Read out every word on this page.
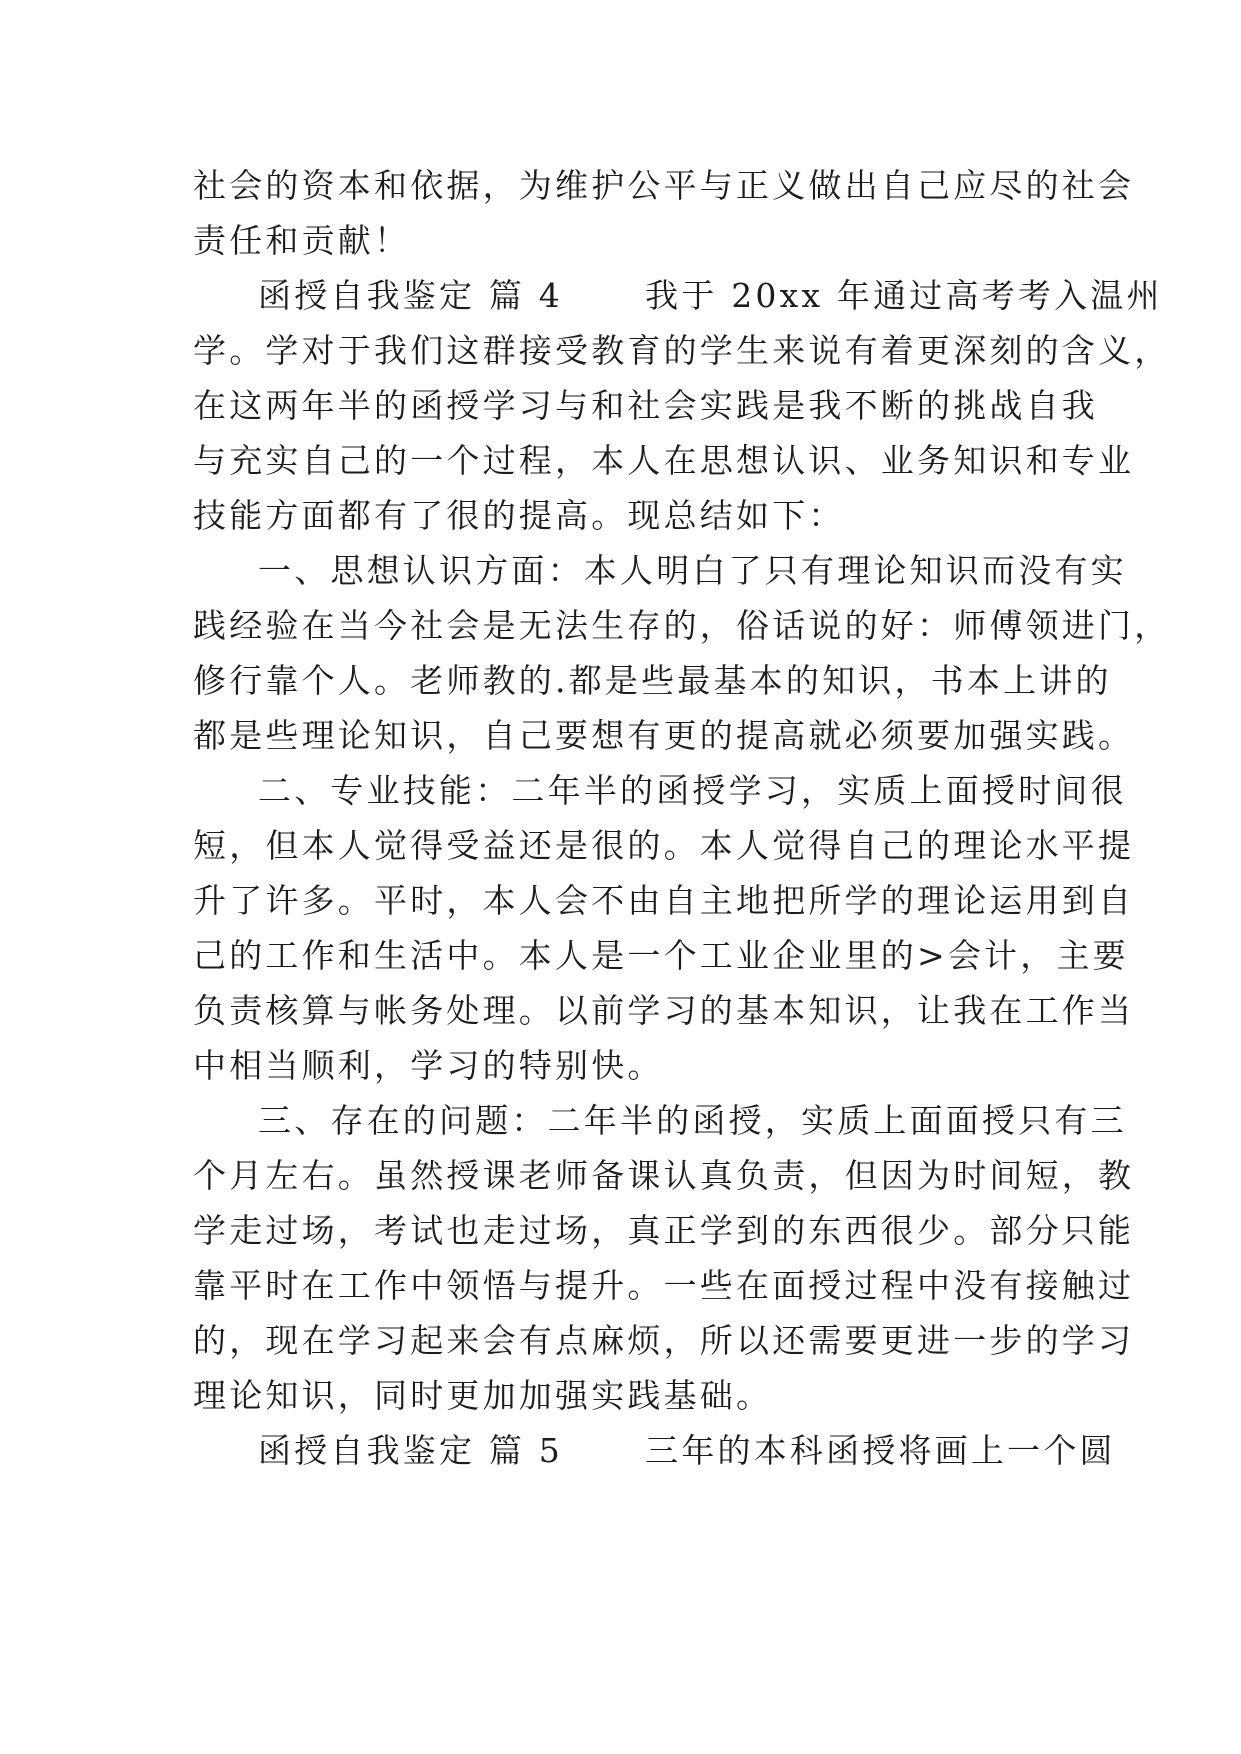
社会的资本和依据，为维护公平与正义做出自己应尽的社会
责任和贡献！
函授自我鉴定 篇 4      我于 20xx 年通过高考考入温州
学。学对于我们这群接受教育的学生来说有着更深刻的含义，
在这两年半的函授学习与和社会实践是我不断的挑战自我
与充实自己的一个过程，本人在思想认识、业务知识和专业
技能方面都有了很的提高。现总结如下：
一、思想认识方面：本人明白了只有理论知识而没有实
践经验在当今社会是无法生存的，俗话说的好：师傅领进门，
修行靠个人。老师教的.都是些最基本的知识，书本上讲的
都是些理论知识，自己要想有更的提高就必须要加强实践。
二、专业技能：二年半的函授学习，实质上面授时间很
短，但本人觉得受益还是很的。本人觉得自己的理论水平提
升了许多。平时，本人会不由自主地把所学的理论运用到自
己的工作和生活中。本人是一个工业企业里的>会计，主要
负责核算与帐务处理。以前学习的基本知识，让我在工作当
中相当顺利，学习的特别快。
三、存在的问题：二年半的函授，实质上面面授只有三
个月左右。虽然授课老师备课认真负责，但因为时间短，教
学走过场，考试也走过场，真正学到的东西很少。部分只能
靠平时在工作中领悟与提升。一些在面授过程中没有接触过
的，现在学习起来会有点麻烦，所以还需要更进一步的学习
理论知识，同时更加加强实践基础。
函授自我鉴定 篇 5      三年的本科函授将画上一个圆
